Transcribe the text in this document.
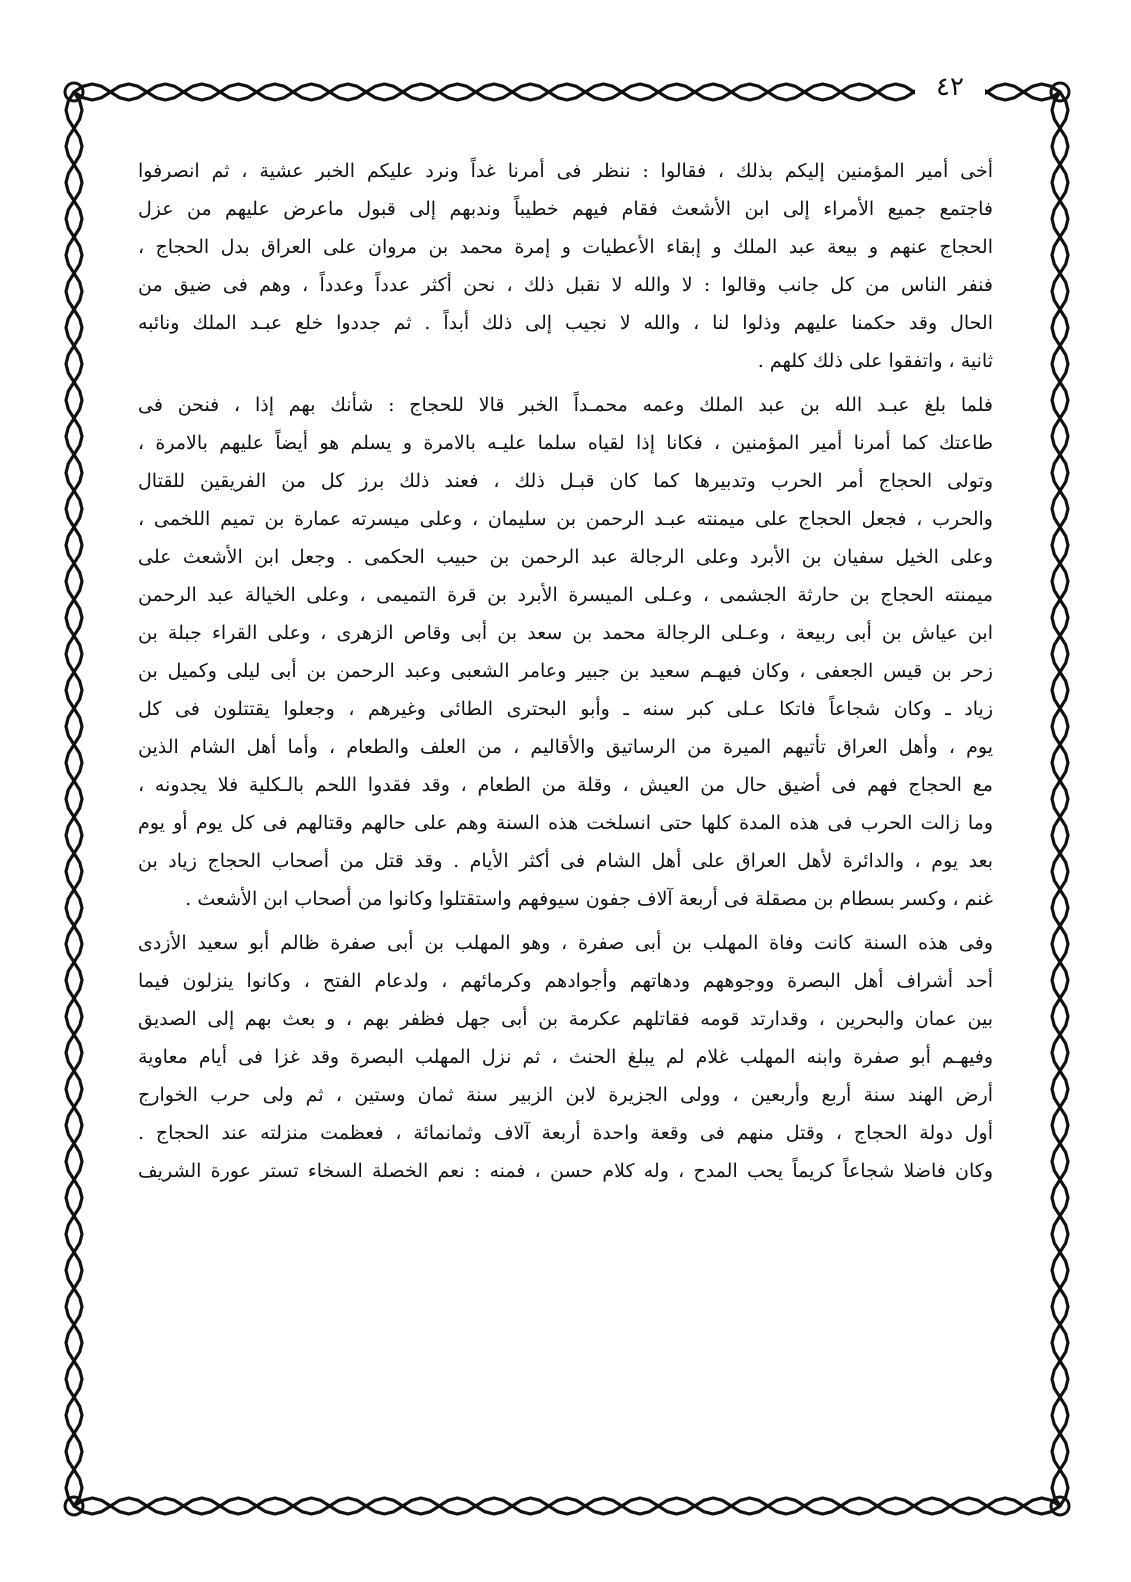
٤٢
أخى أمير المؤمنين إليكم بذلك ، فقالوا : ننظر فى أمرنا غداً ونرد عليكم الخبر عشية ، ثم انصرفوا
فاجتمع جميع الأمراء إلى ابن الأشعث فقام فيهم خطيباً وندبهم إلى قبول ماعرض عليهم من عزل
الحجاج عنهم و بيعة عبد الملك و إبقاء الأعطيات و إمرة محمد بن مروان على العراق بدل الحجاج ،
فنفر الناس من كل جانب وقالوا : لا والله لا نقبل ذلك ، نحن أكثر عدداً وعدداً ، وهم فى ضيق من
الحال وقد حكمنا عليهم وذلوا لنا ، والله لا نجيب إلى ذلك أبداً . ثم جددوا خلع عبـد الملك ونائبه
ثانية ، واتفقوا على ذلك كلهم .
فلما بلغ عبـد الله بن عبد الملك وعمه محمـداً الخبر قالا للحجاج : شأنك بهم إذا ، فنحن فى
طاعتك كما أمرنا أمير المؤمنين ، فكانا إذا لقياه سلما عليـه بالامرة و يسلم هو أيضاً عليهم بالامرة ،
وتولى الحجاج أمر الحرب وتدبيرها كما كان قبـل ذلك ، فعند ذلك برز كل من الفريقين للقتال
والحرب ، فجعل الحجاج على ميمنته عبـد الرحمن بن سليمان ، وعلى ميسرته عمارة بن تميم اللخمى ،
وعلى الخيل سفيان بن الأبرد وعلى الرجالة عبد الرحمن بن حبيب الحكمى . وجعل ابن الأشعث على
ميمنته الحجاج بن حارثة الجشمى ، وعـلى الميسرة الأبرد بن قرة التميمى ، وعلى الخيالة عبد الرحمن
ابن عياش بن أبى ربيعة ، وعـلى الرجالة محمد بن سعد بن أبى وقاص الزهرى ، وعلى القراء جبلة بن
زحر بن قيس الجعفى ، وكان فيهـم سعيد بن جبير وعامر الشعبى وعبد الرحمن بن أبى ليلى وكميل بن
زياد ـ وكان شجاعاً فاتكا عـلى كبر سنه ـ وأبو البحترى الطائى وغيرهم ، وجعلوا يقتتلون فى كل
يوم ، وأهل العراق تأتيهم الميرة من الرساتيق والأقاليم ، من العلف والطعام ، وأما أهل الشام الذين
مع الحجاج فهم فى أضيق حال من العيش ، وقلة من الطعام ، وقد فقدوا اللحم بالـكلية فلا يجدونه ،
وما زالت الحرب فى هذه المدة كلها حتى انسلخت هذه السنة وهم على حالهم وقتالهم فى كل يوم أو يوم
بعد يوم ، والدائرة لأهل العراق على أهل الشام فى أكثر الأيام . وقد قتل من أصحاب الحجاج زياد بن
غنم ، وكسر بسطام بن مصقلة فى أربعة آلاف جفون سيوفهم واستقتلوا وكانوا من أصحاب ابن الأشعث .
وفى هذه السنة كانت وفاة المهلب بن أبى صفرة ، وهو المهلب بن أبى صفرة ظالم أبو سعيد الأزدى
أحد أشراف أهل البصرة ووجوههم ودهاتهم وأجوادهم وكرمائهم ، ولدعام الفتح ، وكانوا ينزلون فيما
بين عمان والبحرين ، وقدارتد قومه فقاتلهم عكرمة بن أبى جهل فظفر بهم ، و بعث بهم إلى الصديق
وفيهـم أبو صفرة وابنه المهلب غلام لم يبلغ الحنث ، ثم نزل المهلب البصرة وقد غزا فى أيام معاوية
أرض الهند سنة أربع وأربعين ، وولى الجزيرة لابن الزبير سنة ثمان وستين ، ثم ولى حرب الخوارج
أول دولة الحجاج ، وقتل منهم فى وقعة واحدة أربعة آلاف وثمانمائة ، فعظمت منزلته عند الحجاج .
وكان فاضلا شجاعاً كريماً يحب المدح ، وله كلام حسن ، فمنه : نعم الخصلة السخاء تستر عورة الشريف
